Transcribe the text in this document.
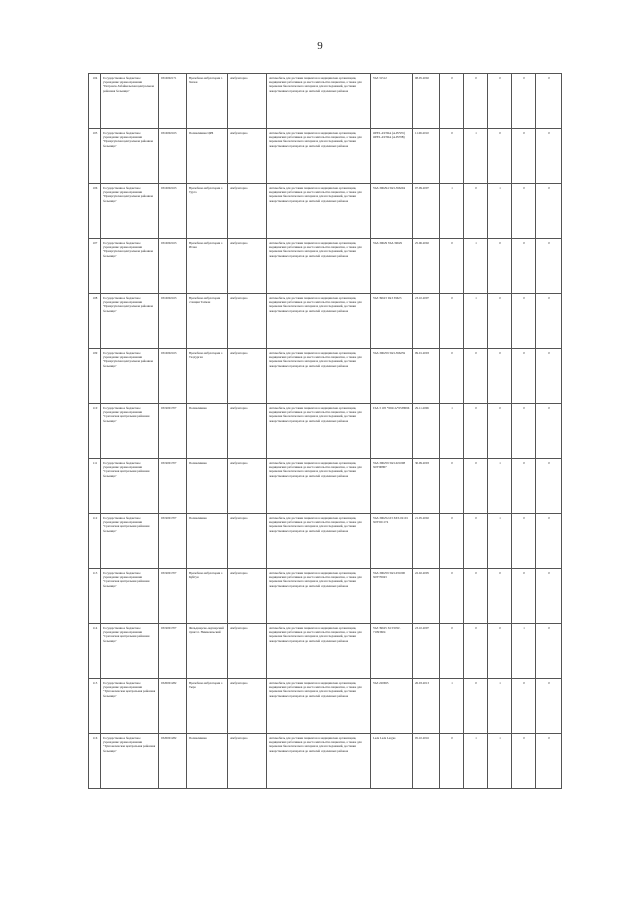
9
104	Государственное бюджетное учреждение здравоохранения "Петровск-Забайкальская центральная районная больница"	0316002171	Врачебная амбулатория г. Хилок	Амбулаторно	Автомобиль для доставки пациентов в медицинские организации, медицинских работников до места жительства пациентов, а также для перевозки биологического материала для исследований, доставки лекарственных препаратов до жителей отдаленных районов	УАЗ 31512	08.05.2002	0	0	0	0	0
105	Государственное бюджетное учреждение здравоохранения "Приаргунская центральная районная больница"	0316002163	Поликлиника ЦРБ	Амбулаторно	Автомобиль для доставки пациентов в медицинские организации, медицинских работников до места жительства пациентов, а также для перевозки биологического материала для исследований, доставки лекарственных препаратов до жителей отдаленных районов	OPEL ASTRA (A-H/SW) OPEL ASTRA (A-H/NB)	11.06.2010	0	1	0	0	0
106	Государственное бюджетное учреждение здравоохранения "Приаргунская центральная районная больница"	0316002163	Врачебная амбулатория с. Турга	Амбулаторно	Автомобиль для доставки пациентов в медицинские организации, медицинских работников до места жительства пациентов, а также для перевозки биологического материала для исследований, доставки лекарственных препаратов до жителей отдаленных районов	УАЗ-396294 УАЗ-396294	07.09.2007	1	0	1	0	0
107	Государственное бюджетное учреждение здравоохранения "Приаргунская центральная районная больница"	0316002163	Врачебная амбулатория с. Итака	Амбулаторно	Автомобиль для доставки пациентов в медицинские организации, медицинских работников до места жительства пациентов, а также для перевозки биологического материала для исследований, доставки лекарственных препаратов до жителей отдаленных районов	УАЗ-39629 УАЗ-39629	25.06.2002	0	1	0	0	0
108	Государственное бюджетное учреждение здравоохранения "Приаргунская центральная районная больница"	0316002163	Врачебная амбулатория станции Талман	Амбулаторно	Автомобиль для доставки пациентов в медицинские организации, медицинских работников до места жительства пациентов, а также для перевозки биологического материала для исследований, доставки лекарственных препаратов до жителей отдаленных районов	УАЗ 39623 УАЗ 39623	23.10.2007	0	1	0	0	0
109	Государственное бюджетное учреждение здравоохранения "Приаргунская центральная районная больница"	0316002163	Врачебная амбулатория с. Талдурган	Амбулаторно	Автомобиль для доставки пациентов в медицинские организации, медицинских работников до места жительства пациентов, а также для перевозки биологического материала для исследований, доставки лекарственных препаратов до жителей отдаленных районов	УАЗ-396259 УАЗ-396259	09.01.2003	0	0	0	0	0
110	Государственное бюджетное учреждение здравоохранения "Сретенская центральная районная больница"	0319001707	Поликлиника	Амбулаторно	Автомобиль для доставки пациентов в медицинские организации, медицинских работников до места жительства пациентов, а также для перевозки биологического материала для исследований, доставки лекарственных препаратов до жителей отдаленных районов	ГАЗ-3 105 *6921А*6538096	29.11.2006	1	0	0	0	0
111	Государственное бюджетное учреждение здравоохранения "Сретенская центральная районная больница"	0319001707	Поликлиника	Амбулаторно	Автомобиль для доставки пациентов в медицинские организации, медицинских работников до места жительства пациентов, а также для перевозки биологического материала для исследований, доставки лекарственных препаратов до жителей отдаленных районов	УАЗ-396259 УАЗ-021098 Х0У90807	30.09.2003	0	0	1	0	0
112	Государственное бюджетное учреждение здравоохранения "Сретенская центральная районная больница"	0319001707	Поликлиника	Амбулаторно	Автомобиль для доставки пациентов в медицинские организации, медицинских работников до места жительства пациентов, а также для перевозки биологического материала для исследований, доставки лекарственных препаратов до жителей отдаленных районов	УАЗ-396252-03 Х6Т-02101 Х0У021174	21.05.2002	0	0	1	0	0
113	Государственное бюджетное учреждение здравоохранения "Сретенская центральная районная больница"	0319001707	Врачебная амбулатория с. Куйтун	Амбулаторно	Автомобиль для доставки пациентов в медицинские организации, медицинских работников до места жительства пациентов, а также для перевозки биологического материала для исследований, доставки лекарственных препаратов до жителей отдаленных районов	УАЗ-396259 УАЗ-031000 Х0У76043	22.02.2005	0	0	0	0	0
114	Государственное бюджетное учреждение здравоохранения "Сретенская центральная районная больница"	0319001707	Фельдшерско-акушерский пункт п. Нижнеильский	Амбулаторно	Автомобиль для доставки пациентов в медицинские организации, медицинских работников до места жительства пациентов, а также для перевозки биологического материала для исследований, доставки лекарственных препаратов до жителей отдаленных районов	УАЗ 39625 Х1У20W-71093604	23.10.2007	0	0	0	1	0
115	Государственное бюджетное учреждение здравоохранения "Тунгокоченская центральная районная больница"	0320001282	Врачебная амбулатория с. Тыра	Амбулаторно	Автомобиль для доставки пациентов в медицинские организации, медицинских работников до места жительства пациентов, а также для перевозки биологического материала для исследований, доставки лекарственных препаратов до жителей отдаленных районов	УАЗ 220695	26.03.2013	1	0	1	0	0
116	Государственное бюджетное учреждение здравоохранения "Тунгокоченская центральная районная больница"	0320001282	Поликлиника	Амбулаторно	Автомобиль для доставки пациентов в медицинские организации, медицинских работников до места жительства пациентов, а также для перевозки биологического материала для исследований, доставки лекарственных препаратов до жителей отдаленных районов	Lada Lada Largus	05.10.2016	0	1	1	0	0
